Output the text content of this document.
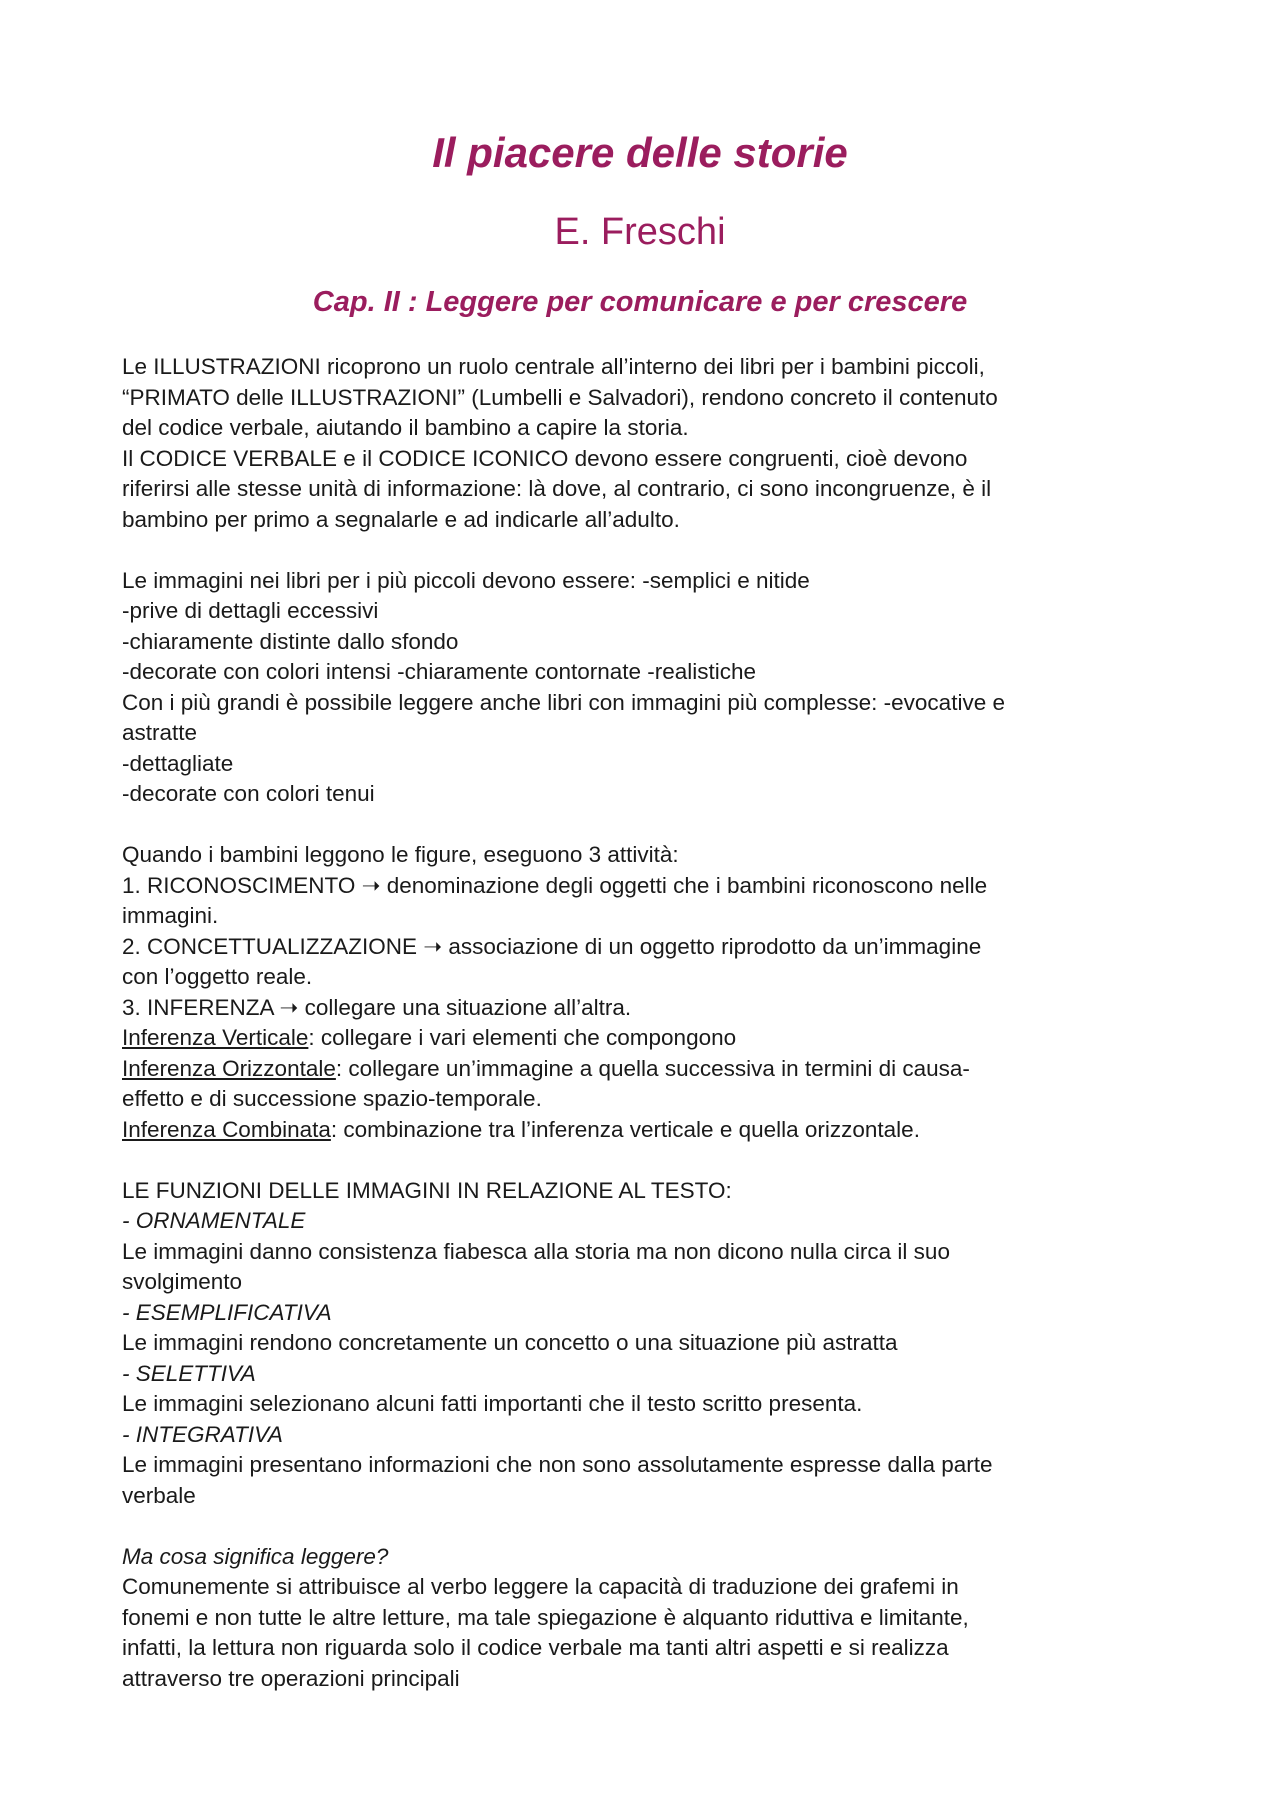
Il piacere delle storie
E. Freschi
Cap. II : Leggere per comunicare e per crescere
Le ILLUSTRAZIONI ricoprono un ruolo centrale all’interno dei libri per i bambini piccoli,
“PRIMATO delle ILLUSTRAZIONI” (Lumbelli e Salvadori), rendono concreto il contenuto
del codice verbale, aiutando il bambino a capire la storia.
Il CODICE VERBALE e il CODICE ICONICO devono essere congruenti, cioè devono
riferirsi alle stesse unità di informazione: là dove, al contrario, ci sono incongruenze, è il
bambino per primo a segnalarle e ad indicarle all’adulto.
Le immagini nei libri per i più piccoli devono essere: -semplici e nitide
-prive di dettagli eccessivi
-chiaramente distinte dallo sfondo
-decorate con colori intensi -chiaramente contornate -realistiche
Con i più grandi è possibile leggere anche libri con immagini più complesse: -evocative e
astratte
-dettagliate
-decorate con colori tenui
Quando i bambini leggono le figure, eseguono 3 attività:
1. RICONOSCIMENTO ➝ denominazione degli oggetti che i bambini riconoscono nelle
immagini.
2. CONCETTUALIZZAZIONE ➝ associazione di un oggetto riprodotto da un’immagine
con l’oggetto reale.
3. INFERENZA ➝ collegare una situazione all’altra.
Inferenza Verticale: collegare i vari elementi che compongono
Inferenza Orizzontale: collegare un’immagine a quella successiva in termini di causa-
effetto e di successione spazio-temporale.
Inferenza Combinata: combinazione tra l’inferenza verticale e quella orizzontale.
LE FUNZIONI DELLE IMMAGINI IN RELAZIONE AL TESTO:
- ORNAMENTALE
Le immagini danno consistenza fiabesca alla storia ma non dicono nulla circa il suo
svolgimento
- ESEMPLIFICATIVA
Le immagini rendono concretamente un concetto o una situazione più astratta
- SELETTIVA
Le immagini selezionano alcuni fatti importanti che il testo scritto presenta.
- INTEGRATIVA
Le immagini presentano informazioni che non sono assolutamente espresse dalla parte
verbale
Ma cosa significa leggere?
Comunemente si attribuisce al verbo leggere la capacità di traduzione dei grafemi in
fonemi e non tutte le altre letture, ma tale spiegazione è alquanto riduttiva e limitante,
infatti, la lettura non riguarda solo il codice verbale ma tanti altri aspetti e si realizza
attraverso tre operazioni principali
